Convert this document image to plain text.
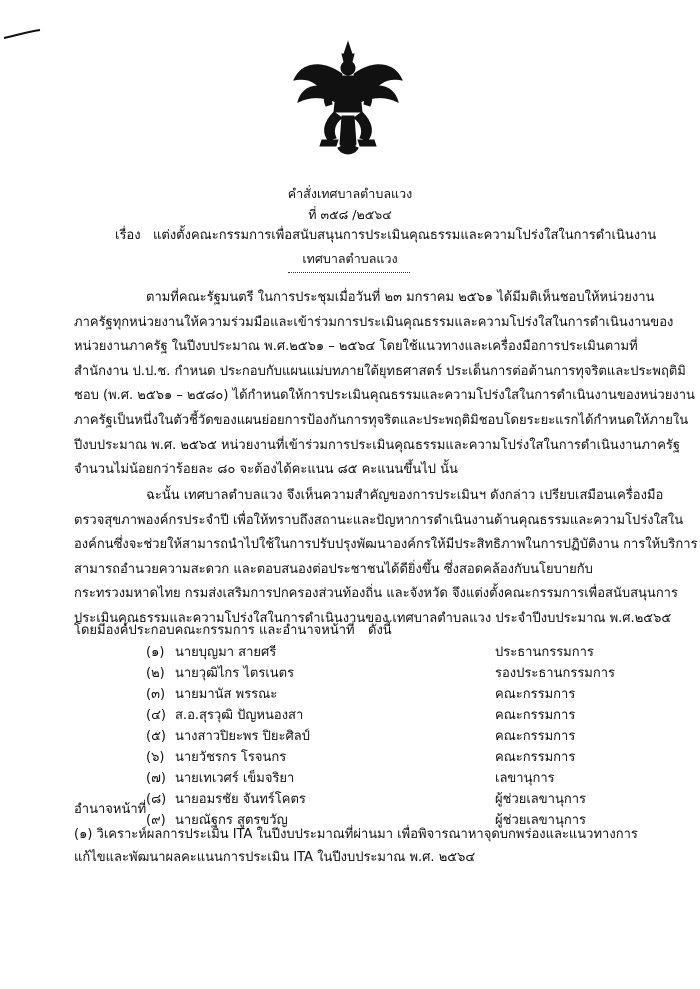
คำสั่งเทศบาลตำบลแวง
ที่ ๓๕๘ /๒๕๖๔
เรื่อง แต่งตั้งคณะกรรมการเพื่อสนับสนุนการประเมินคุณธรรมและความโปร่งใสในการดำเนินงาน
เทศบาลตำบลแวง
ตามที่คณะรัฐมนตรี ในการประชุมเมื่อวันที่ ๒๓ มกราคม ๒๕๖๑ ได้มีมติเห็นชอบให้หน่วยงาน
ภาครัฐทุกหน่วยงานให้ความร่วมมือและเข้าร่วมการประเมินคุณธรรมและความโปร่งใสในการดำเนินงานของ
หน่วยงานภาครัฐ ในปีงบประมาณ พ.ศ.๒๕๖๑ – ๒๕๖๔ โดยใช้แนวทางและเครื่องมือการประเมินตามที่
สำนักงาน ป.ป.ช. กำหนด ประกอบกับแผนแม่บทภายใต้ยุทธศาสตร์ ประเด็นการต่อต้านการทุจริตและประพฤติมิ
ชอบ (พ.ศ. ๒๕๖๑ – ๒๕๘๐) ได้กำหนดให้การประเมินคุณธรรมและความโปร่งใสในการดำเนินงานของหน่วยงาน
ภาครัฐเป็นหนึ่งในตัวชี้วัดของแผนย่อยการป้องกันการทุจริตและประพฤติมิชอบโดยระยะแรกได้กำหนดให้ภายใน
ปีงบประมาณ พ.ศ. ๒๕๖๕ หน่วยงานที่เข้าร่วมการประเมินคุณธรรมและความโปร่งใสในการดำเนินงานภาครัฐ
จำนวนไม่น้อยกว่าร้อยละ ๘๐ จะต้องได้คะแนน ๘๕ คะแนนขึ้นไป นั้น
ฉะนั้น เทศบาลตำบลแวง จึงเห็นความสำคัญของการประเมินฯ ดังกล่าว เปรียบเสมือนเครื่องมือ
ตรวจสุขภาพองค์กรประจำปี เพื่อให้ทราบถึงสถานะและปัญหาการดำเนินงานด้านคุณธรรมและความโปร่งใสใน
องค์กนซึ่งจะช่วยให้สามารถนำไปใช้ในการปรับปรุงพัฒนาองค์กรให้มีประสิทธิภาพในการปฏิบัติงาน การให้บริการ
สามารถอำนวยความสะดวก และตอบสนองต่อประชาชนได้ดียิ่งขึ้น ซึ่งสอดคล้องกับนโยบายกับ
กระทรวงมหาดไทย กรมส่งเสริมการปกครองส่วนท้องถิ่น และจังหวัด จึงแต่งตั้งคณะกรรมการเพื่อสนับสนุนการ
ประเมินคุณธรรมและความโปร่งใสในการดำเนินงานของ เทศบาลตำบลแวง ประจำปีงบประมาณ พ.ศ.๒๕๖๕
โดยมีองค์ประกอบคณะกรรมการ และอำนาจหน้าที่ ดังนี้
(๑) นายบุญมา สายศรี	ประธานกรรมการ
(๒) นายวุฒิไกร ไตรเนตร	รองประธานกรรมการ
(๓) นายมานัส พรรณะ	คณะกรรมการ
(๔) ส.อ.สุรวุฒิ ปัญหนองสา	คณะกรรมการ
(๕) นางสาวปิยะพร ปิยะศิลป์	คณะกรรมการ
(๖) นายวัชรกร โรจนกร	คณะกรรมการ
(๗) นายเทเวศร์ เข็มจริยา	เลขานุการ
(๘) นายอมรชัย จันทร์โคตร	ผู้ช่วยเลขานุการ
(๙) นายณัฐกร สูตรขวัญ	ผู้ช่วยเลขานุการ
อำนาจหน้าที่
(๑) วิเคราะห์ผลการประเมิน ITA ในปีงบประมาณที่ผ่านมา เพื่อพิจารณาหาจุดบกพร่องและแนวทางการ
แก้ไขและพัฒนาผลคะแนนการประเมิน ITA ในปีงบประมาณ พ.ศ. ๒๕๖๔
